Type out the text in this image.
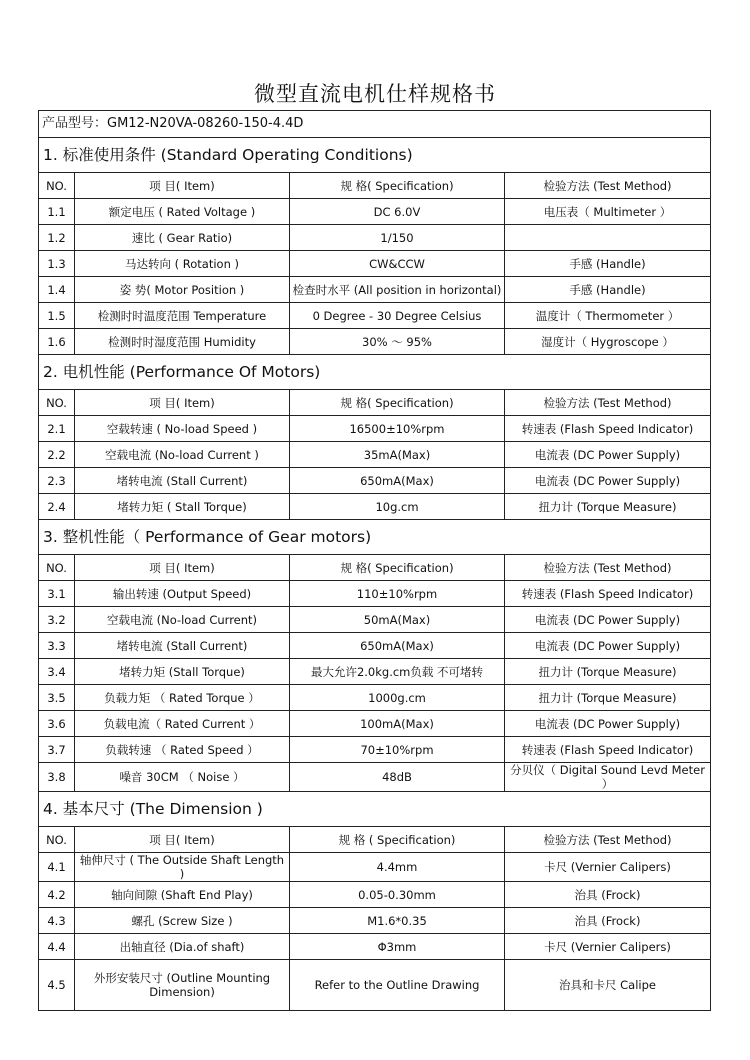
微型直流电机仕样规格书
产品型号：GM12-N20VA-08260-150-4.4D			
1. 标准使用条件 (Standard Operating Conditions)			
NO.	项 目( Item)	规 格( Specification)	检验方法 (Test Method)
1.1	额定电压 ( Rated Voltage )	DC 6.0V	电压表（ Multimeter ）
1.2	速比 ( Gear Ratio)	1/150	
1.3	马达转向 ( Rotation )	CW&CCW	手感 (Handle)
1.4	姿 势( Motor Position )	检查时水平 (All position in horizontal)	手感 (Handle)
1.5	检测时时温度范围 Temperature	0 Degree - 30 Degree Celsius	温度计（ Thermometer ）
1.6	检测时时湿度范围 Humidity	30% ～ 95%	湿度计（ Hygroscope ）
2. 电机性能 (Performance Of Motors)			
NO.	项 目( Item)	规 格( Specification)	检验方法 (Test Method)
2.1	空载转速 ( No-load Speed )	16500±10%rpm	转速表 (Flash Speed Indicator)
2.2	空载电流 (No-load Current )	35mA(Max)	电流表 (DC Power Supply)
2.3	堵转电流 (Stall Current)	650mA(Max)	电流表 (DC Power Supply)
2.4	堵转力矩 ( Stall Torque)	10g.cm	扭力计 (Torque Measure)
3. 整机性能（ Performance of Gear motors)			
NO.	项 目( Item)	规 格( Specification)	检验方法 (Test Method)
3.1	输出转速 (Output Speed)	110±10%rpm	转速表 (Flash Speed Indicator)
3.2	空载电流 (No-load Current)	50mA(Max)	电流表 (DC Power Supply)
3.3	堵转电流 (Stall Current)	650mA(Max)	电流表 (DC Power Supply)
3.4	堵转力矩 (Stall Torque)	最大允许2.0kg.cm负载 不可堵转	扭力计 (Torque Measure)
3.5	负载力矩 （ Rated Torque ）	1000g.cm	扭力计 (Torque Measure)
3.6	负载电流（ Rated Current ）	100mA(Max)	电流表 (DC Power Supply)
3.7	负载转速 （ Rated Speed ）	70±10%rpm	转速表 (Flash Speed Indicator)
3.8	噪音 30CM （ Noise ）	48dB	分贝仪（ Digital Sound Levd Meter ）
4. 基本尺寸 (The Dimension )			
NO.	项 目( Item)	规 格 ( Specification)	检验方法 (Test Method)
4.1	轴伸尺寸 ( The Outside Shaft Length )	4.4mm	卡尺 (Vernier Calipers)
4.2	轴向间隙 (Shaft End Play)	0.05-0.30mm	治具 (Frock)
4.3	螺孔 (Screw Size )	M1.6*0.35	治具 (Frock)
4.4	出轴直径 (Dia.of shaft)	Φ3mm	卡尺 (Vernier Calipers)
4.5	外形安装尺寸 (Outline Mounting Dimension)	Refer to the Outline Drawing	治具和卡尺 Calipe
